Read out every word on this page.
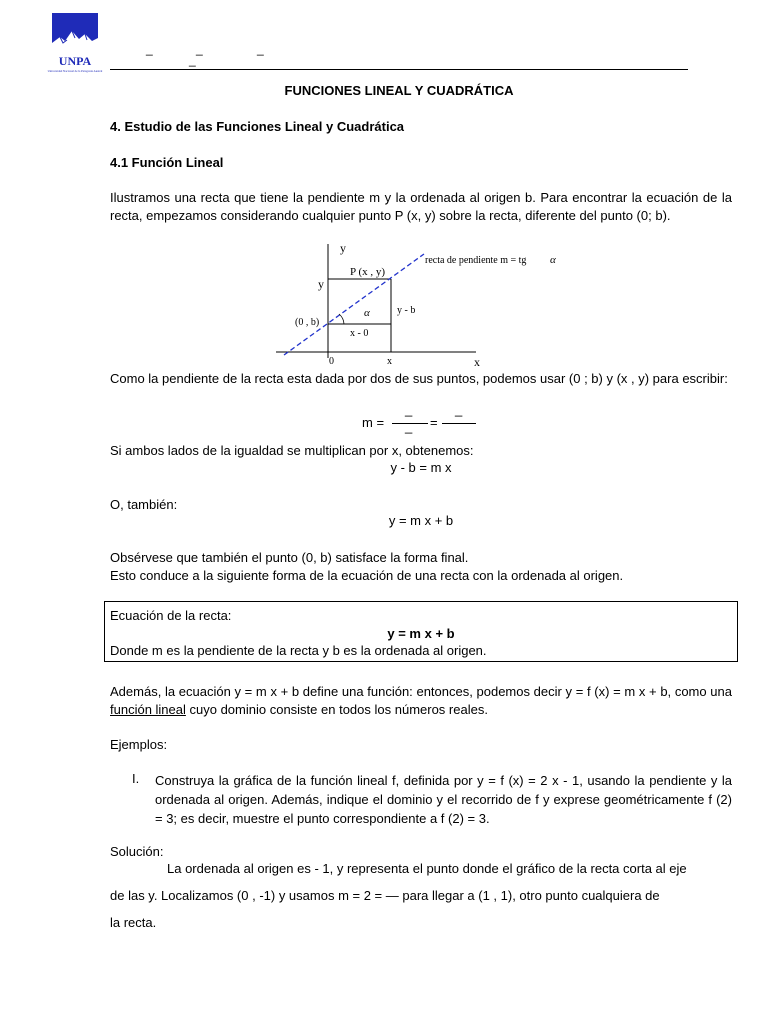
UNPA
Universidad Nacional de la Patagonia Austral
_	_	_
_
FUNCIONES LINEAL Y CUADRÁTICA
4. Estudio de las Funciones Lineal y Cuadrática
4.1 Función Lineal
Ilustramos una recta que tiene la pendiente m y la ordenada al origen b. Para encontrar la ecuación de la recta, empezamos considerando cualquier punto P (x, y) sobre la recta, diferente del punto (0; b).
y
x
P (x , y)
y
(0 , b)
α
x - 0
y - b
0	x
recta de pendiente m = tg α
Como la pendiente de la recta esta dada por dos de sus puntos, podemos usar (0 ; b) y (x , y) para escribir:
m =
_
_ =
_
Si ambos lados de la igualdad se multiplican por x, obtenemos:
y - b = m x
O, también:
y = m x + b
Obsérvese que también el punto (0, b) satisface la forma final.
Esto conduce a la siguiente forma de la ecuación de una recta con la ordenada al origen.
Ecuación de la recta:
y = m x + b
Donde m es la pendiente de la recta y b es la ordenada al origen.
Además, la ecuación y = m x + b define una función: entonces, podemos decir y = f (x) = m x + b, como una función lineal cuyo dominio consiste en todos los números reales.
Ejemplos:
I. Construya la gráfica de la función lineal f, definida por y = f (x) = 2 x - 1, usando la pendiente y la ordenada al origen. Además, indique el dominio y el recorrido de f y exprese geométricamente f (2) = 3; es decir, muestre el punto correspondiente a f (2) = 3.
Solución:
La ordenada al origen es - 1, y representa el punto donde el gráfico de la recta corta al eje
de las y. Localizamos (0 , -1) y usamos m = 2 = — para llegar a (1 , 1), otro punto cualquiera de
la recta.
